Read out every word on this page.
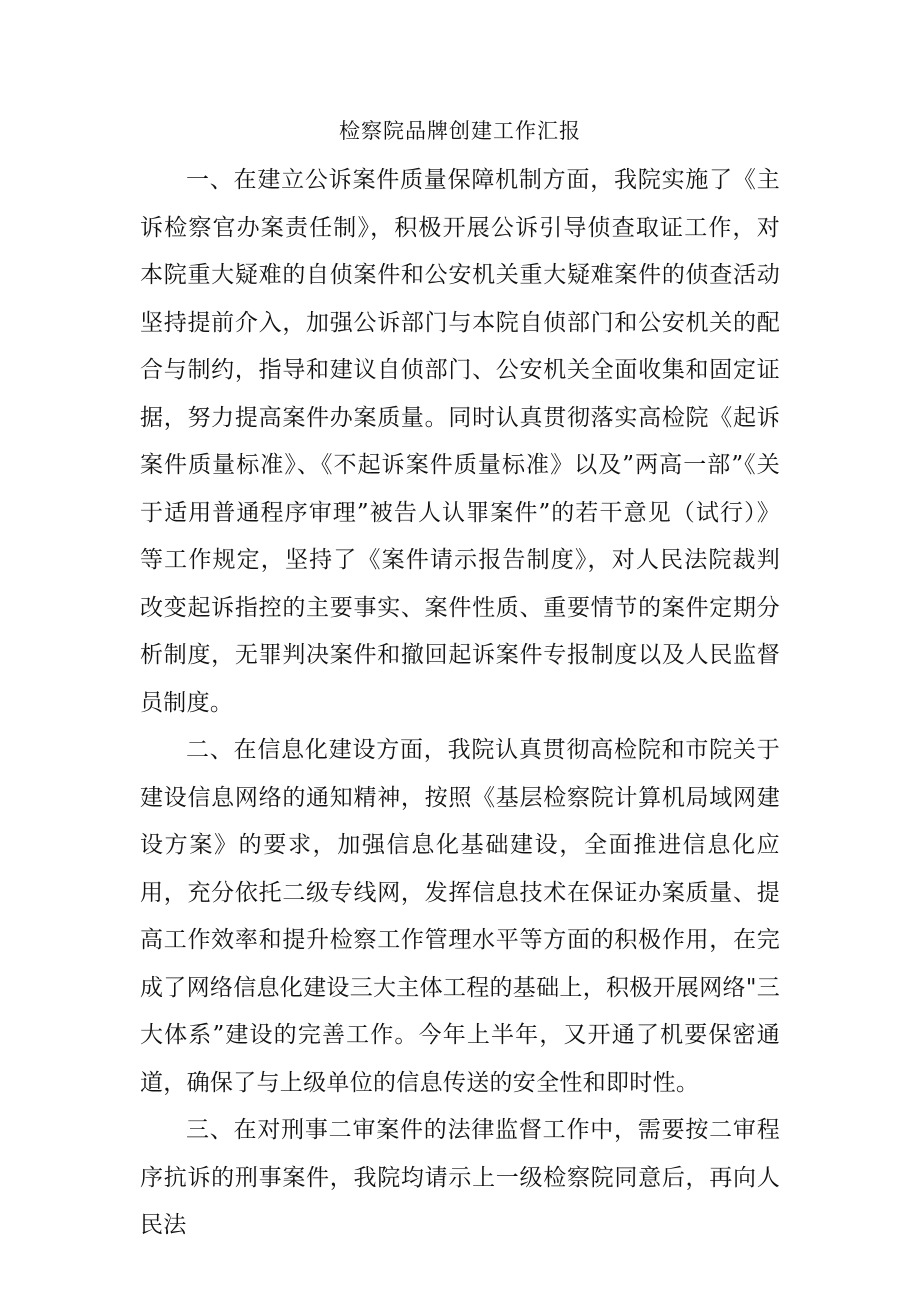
检察院品牌创建工作汇报

一、在建立公诉案件质量保障机制方面，我院实施了《主诉检察官办案责任制》，积极开展公诉引导侦查取证工作，对本院重大疑难的自侦案件和公安机关重大疑难案件的侦查活动坚持提前介入，加强公诉部门与本院自侦部门和公安机关的配合与制约，指导和建议自侦部门、公安机关全面收集和固定证据，努力提高案件办案质量。同时认真贯彻落实高检院《起诉案件质量标准》、《不起诉案件质量标准》以及”两高一部”《关于适用普通程序审理”被告人认罪案件”的若干意见（试行）》等工作规定，坚持了《案件请示报告制度》，对人民法院裁判改变起诉指控的主要事实、案件性质、重要情节的案件定期分析制度，无罪判决案件和撤回起诉案件专报制度以及人民监督员制度。

二、在信息化建设方面，我院认真贯彻高检院和市院关于建设信息网络的通知精神，按照《基层检察院计算机局域网建设方案》的要求，加强信息化基础建设，全面推进信息化应用，充分依托二级专线网，发挥信息技术在保证办案质量、提高工作效率和提升检察工作管理水平等方面的积极作用，在完成了网络信息化建设三大主体工程的基础上，积极开展网络"三大体系”建设的完善工作。今年上半年，又开通了机要保密通道，确保了与上级单位的信息传送的安全性和即时性。

三、在对刑事二审案件的法律监督工作中，需要按二审程序抗诉的刑事案件，我院均请示上一级检察院同意后，再向人民法
